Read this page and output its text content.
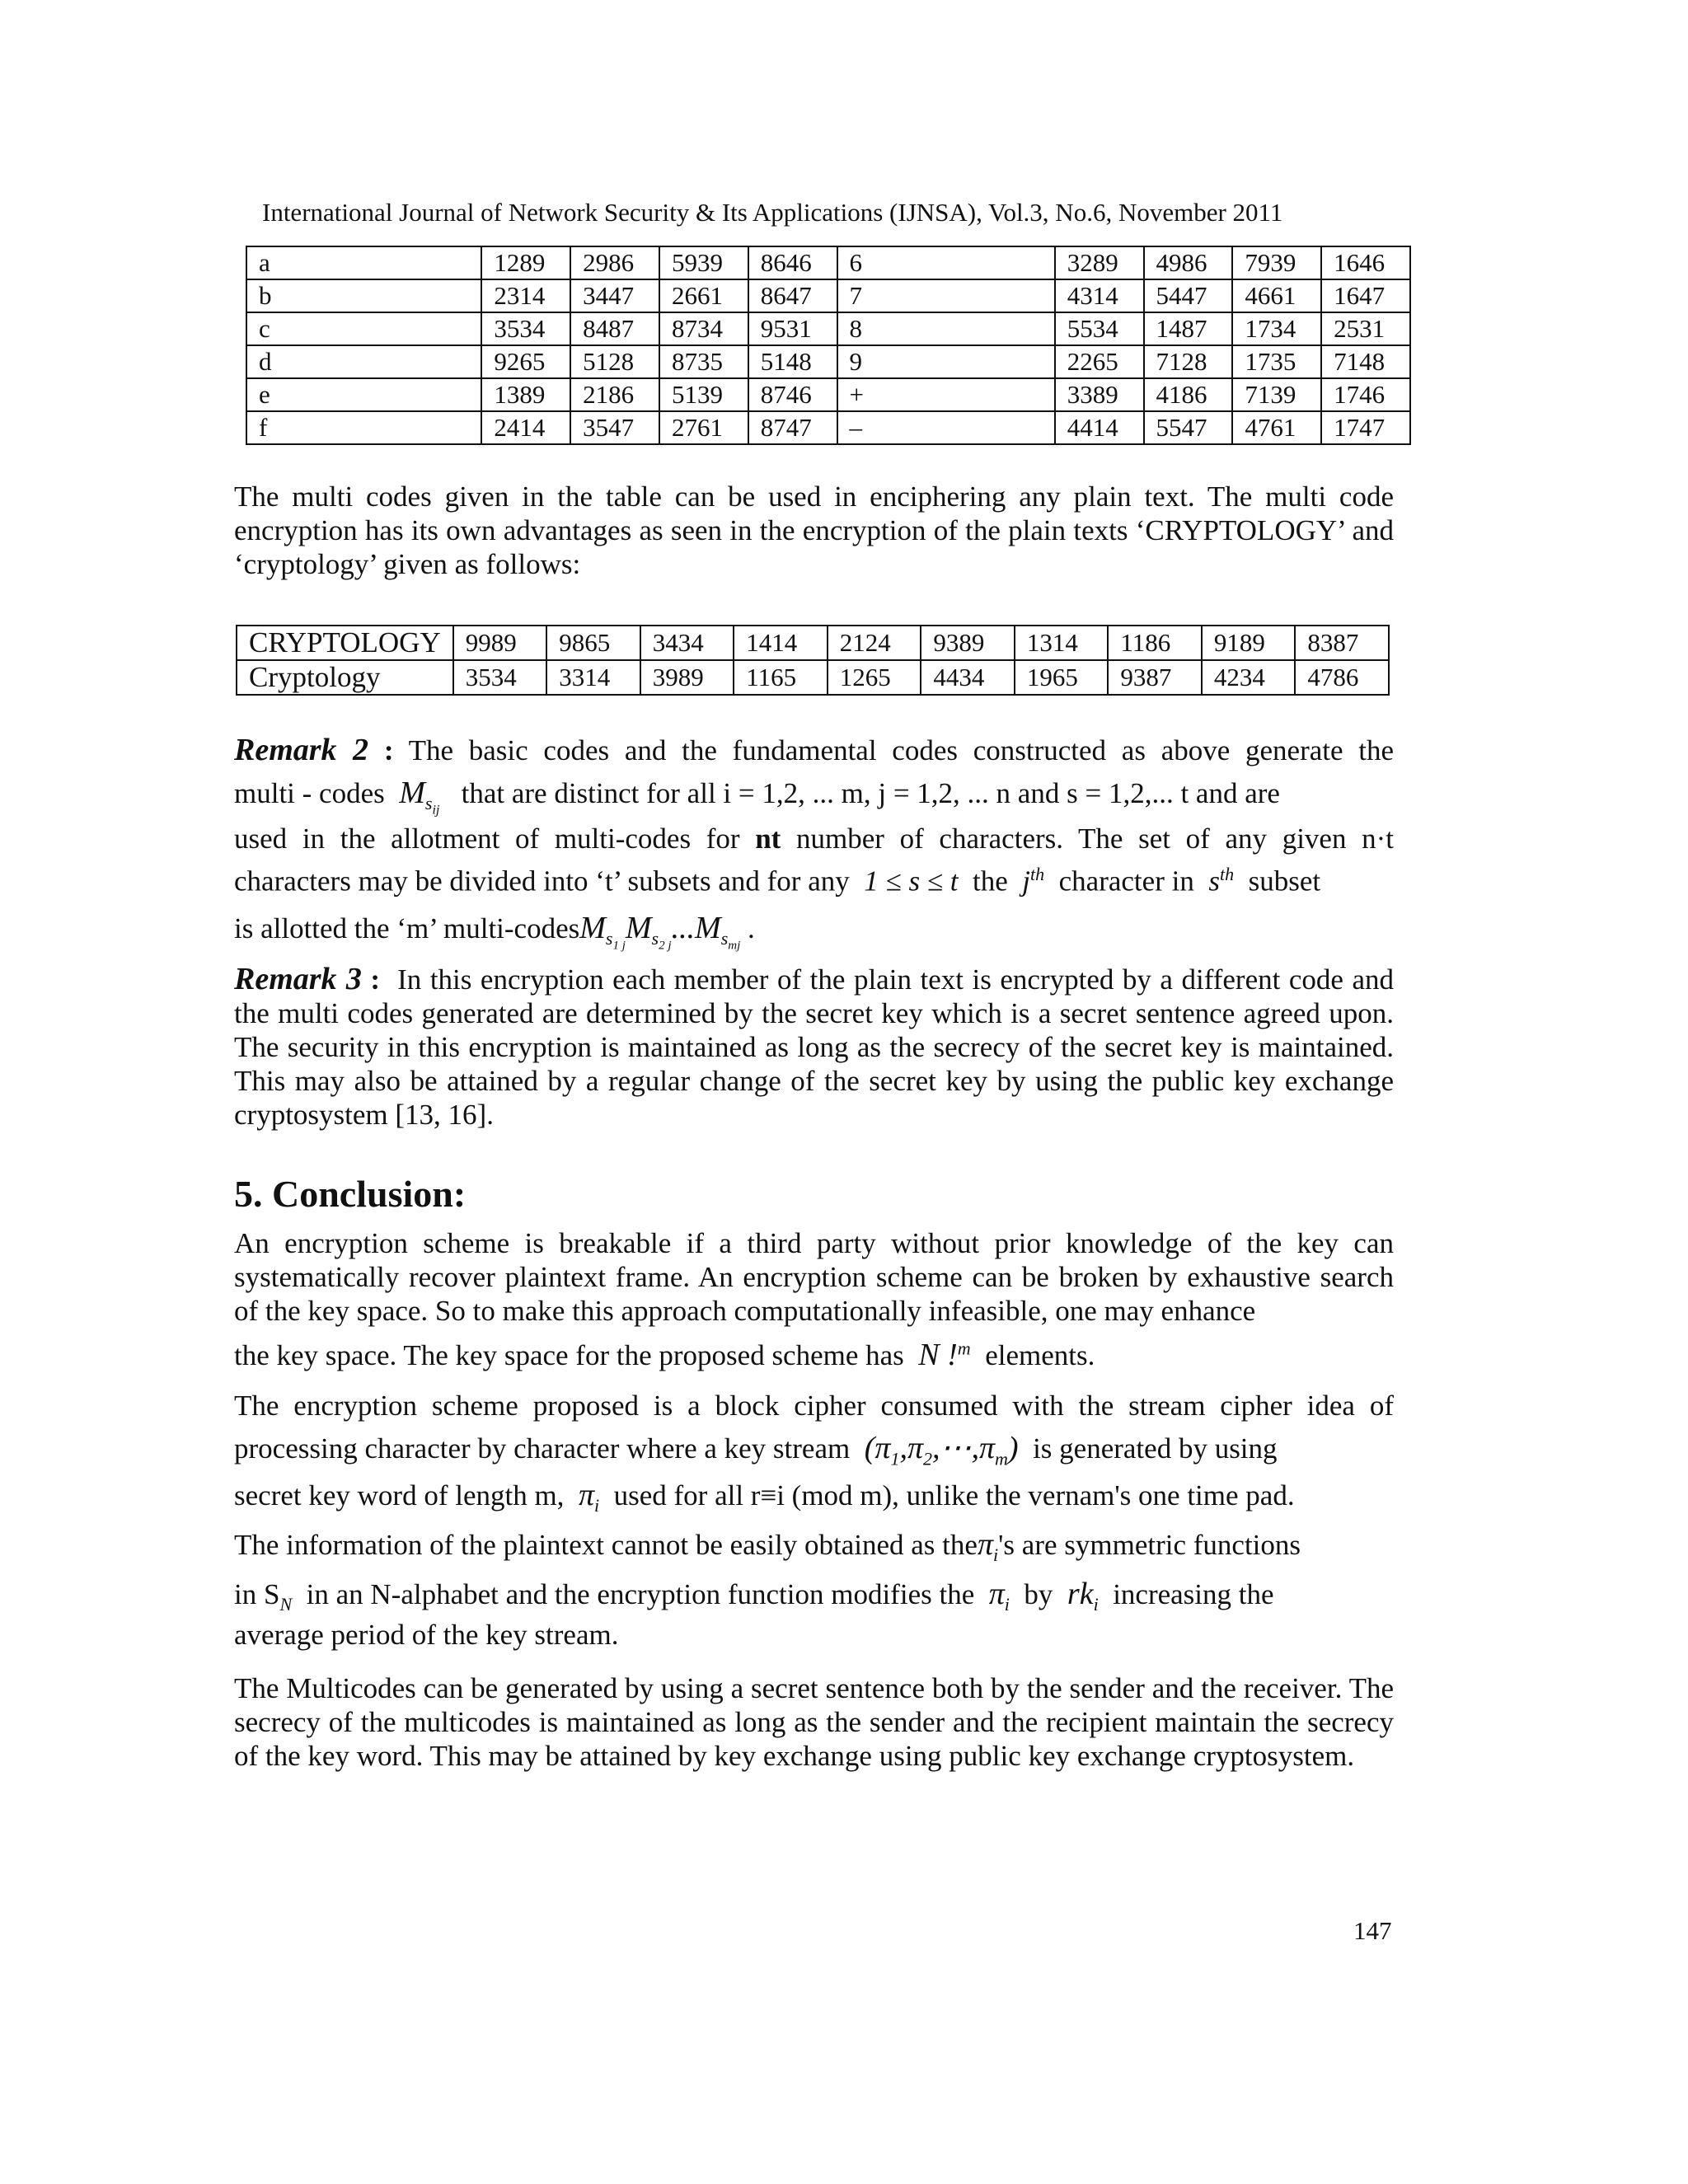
International Journal of Network Security & Its Applications (IJNSA), Vol.3, No.6, November 2011
a	1289	2986	5939	8646	6	3289	4986	7939	1646
b	2314	3447	2661	8647	7	4314	5447	4661	1647
c	3534	8487	8734	9531	8	5534	1487	1734	2531
d	9265	5128	8735	5148	9	2265	7128	1735	7148
e	1389	2186	5139	8746	+	3389	4186	7139	1746
f	2414	3547	2761	8747	–	4414	5547	4761	1747
The multi codes given in the table can be used in enciphering any plain text. The multi code encryption has its own advantages as seen in the encryption of the plain texts ‘CRYPTOLOGY’ and ‘cryptology’ given as follows:
CRYPTOLOGY	9989	9865	3434	1414	2124	9389	1314	1186	9189	8387
Cryptology	3534	3314	3989	1165	1265	4434	1965	9387	4234	4786
Remark 2 : The basic codes and the fundamental codes constructed as above generate the
multi - codes $M_{s_{ij}}$   that are distinct for all i = 1,2, ... m, j = 1,2, ... n and s = 1,2,... t and are
used in the allotment of multi-codes for nt number of characters. The set of any given n·t
characters may be divided into ‘t’ subsets and for any 1 ≤ s ≤ t the $j^{th}$ character in $s^{th}$ subset
is allotted the ‘m’ multi-$codesM_{s_{1 j}}M_{s_{2 j}}...M_{s_{mj}}$ .
Remark 3 : In this encryption each member of the plain text is encrypted by a different code and the multi codes generated are determined by the secret key which is a secret sentence agreed upon. The security in this encryption is maintained as long as the secrecy of the secret key is maintained. This may also be attained by a regular change of the secret key by using the public key exchange cryptosystem [13, 16].
5. Conclusion:
An encryption scheme is breakable if a third party without prior knowledge of the key can systematically recover plaintext frame. An encryption scheme can be broken by exhaustive search of the key space. So to make this approach computationally infeasible, one may enhance
the key space. The key space for the proposed scheme has N !$^m$ elements.
The encryption scheme proposed is a block cipher consumed with the stream cipher idea of
processing character by character where a key stream $(\pi_1,\pi_2,\cdots,\pi_m)$ is generated by using
secret key word of length m, $\pi_i$ used for all r≡i (mod m), unlike the vernam's one time pad.
The information of the plaintext cannot be easily obtained as theπ$_i$'s are symmetric functions
in $S_N$ in an N-alphabet and the encryption function modifies the $\pi_i$ by $rk_i$ increasing the
average period of the key stream.
The Multicodes can be generated by using a secret sentence both by the sender and the receiver. The secrecy of the multicodes is maintained as long as the sender and the recipient maintain the secrecy of the key word. This may be attained by key exchange using public key exchange cryptosystem.
147
